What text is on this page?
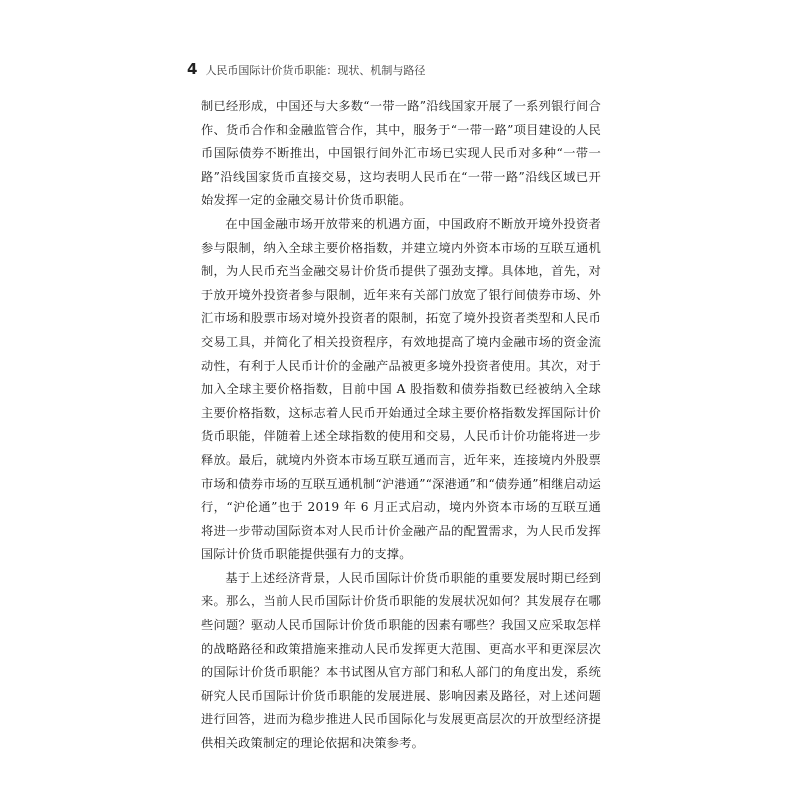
4 人民币国际计价货币职能：现状、机制与路径

制已经形成，中国还与大多数“一带一路”沿线国家开展了一系列银行间合作、货币合作和金融监管合作，其中，服务于“一带一路”项目建设的人民币国际债券不断推出，中国银行间外汇市场已实现人民币对多种“一带一路”沿线国家货币直接交易，这均表明人民币在“一带一路”沿线区域已开始发挥一定的金融交易计价货币职能。

在中国金融市场开放带来的机遇方面，中国政府不断放开境外投资者参与限制，纳入全球主要价格指数，并建立境内外资本市场的互联互通机制，为人民币充当金融交易计价货币提供了强劲支撑。具体地，首先，对于放开境外投资者参与限制，近年来有关部门放宽了银行间债券市场、外汇市场和股票市场对境外投资者的限制，拓宽了境外投资者类型和人民币交易工具，并简化了相关投资程序，有效地提高了境内金融市场的资金流动性，有利于人民币计价的金融产品被更多境外投资者使用。其次，对于加入全球主要价格指数，目前中国 A 股指数和债券指数已经被纳入全球主要价格指数，这标志着人民币开始通过全球主要价格指数发挥国际计价货币职能，伴随着上述全球指数的使用和交易，人民币计价功能将进一步释放。最后，就境内外资本市场互联互通而言，近年来，连接境内外股票市场和债券市场的互联互通机制“沪港通”“深港通”和“债券通”相继启动运行，“沪伦通”也于 2019 年 6 月正式启动，境内外资本市场的互联互通将进一步带动国际资本对人民币计价金融产品的配置需求，为人民币发挥国际计价货币职能提供强有力的支撑。

基于上述经济背景，人民币国际计价货币职能的重要发展时期已经到来。那么，当前人民币国际计价货币职能的发展状况如何？其发展存在哪些问题？驱动人民币国际计价货币职能的因素有哪些？我国又应采取怎样的战略路径和政策措施来推动人民币发挥更大范围、更高水平和更深层次的国际计价货币职能？本书试图从官方部门和私人部门的角度出发，系统研究人民币国际计价货币职能的发展进展、影响因素及路径，对上述问题进行回答，进而为稳步推进人民币国际化与发展更高层次的开放型经济提供相关政策制定的理论依据和决策参考。
